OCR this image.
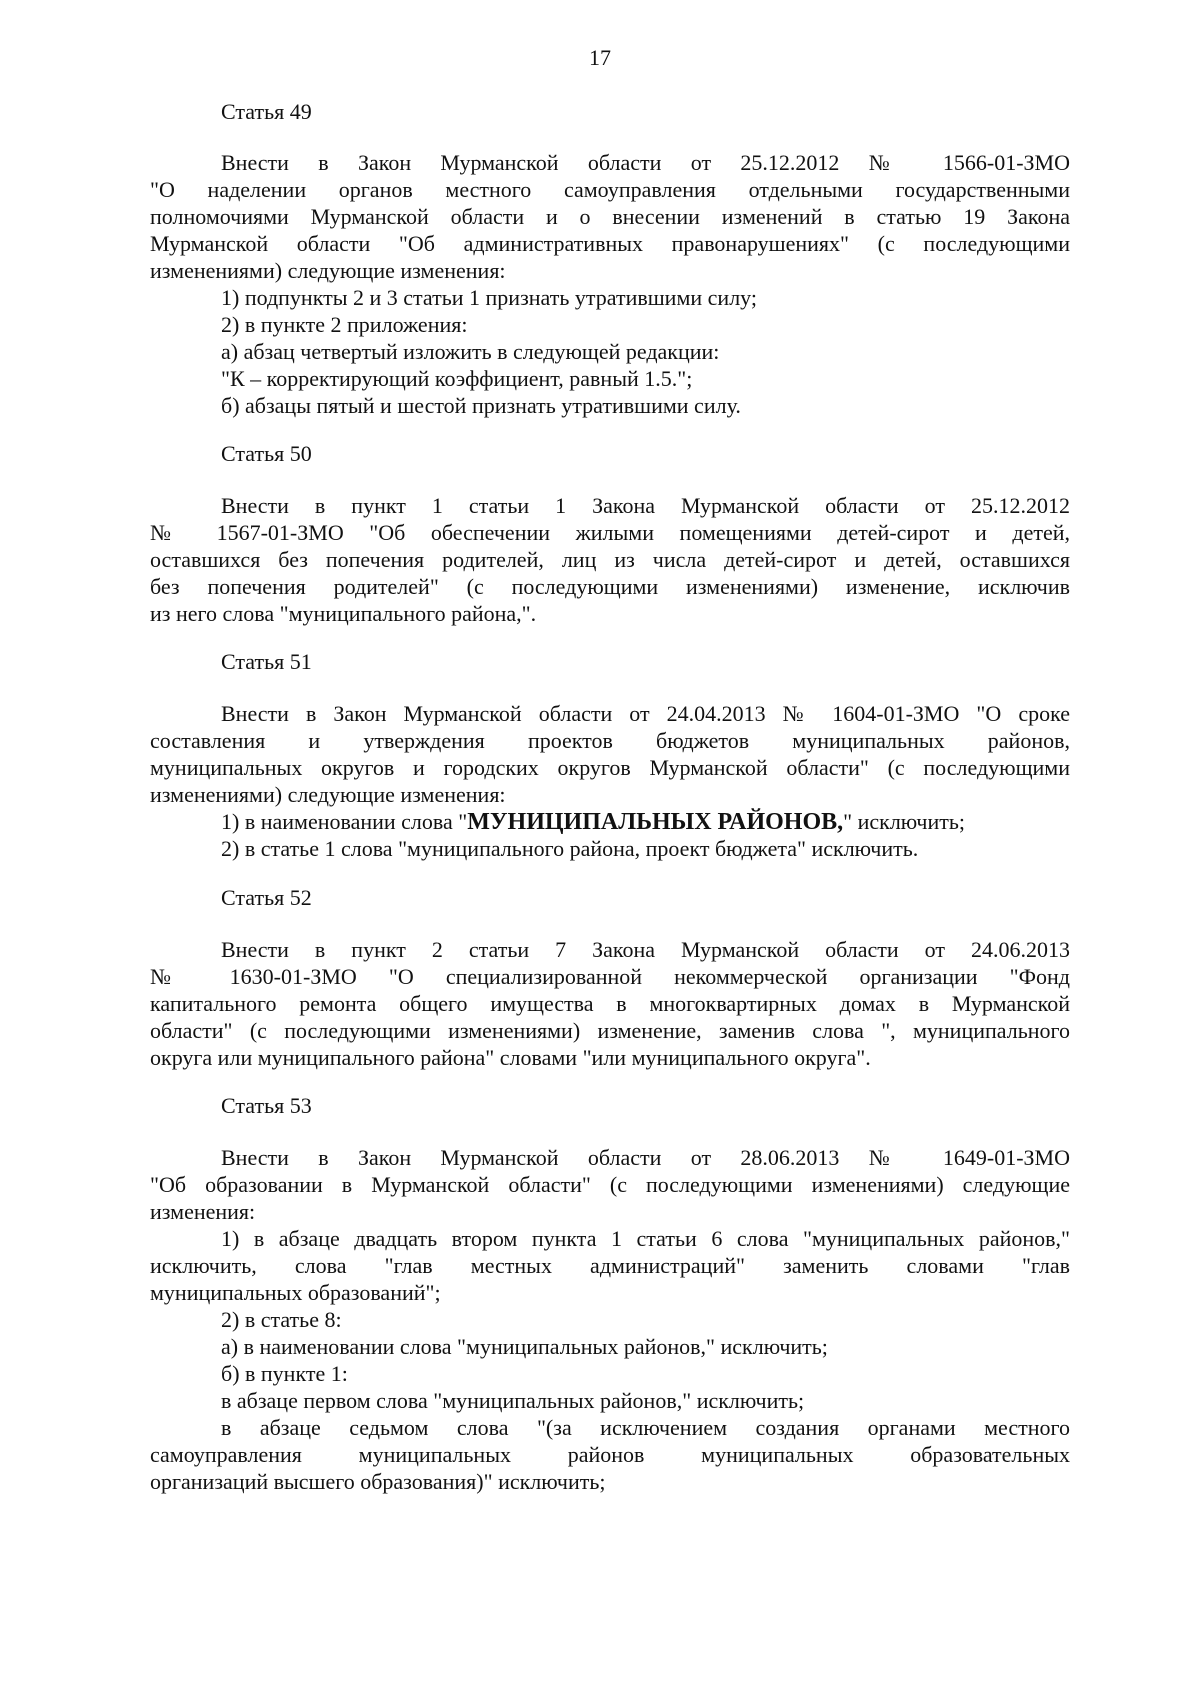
17
Статья 49
Внести в Закон Мурманской области от 25.12.2012 № 1566-01-ЗМО
"О наделении органов местного самоуправления отдельными государственными
полномочиями Мурманской области и о внесении изменений в статью 19 Закона
Мурманской области "Об административных правонарушениях" (с последующими
изменениями) следующие изменения:
1) подпункты 2 и 3 статьи 1 признать утратившими силу;
2) в пункте 2 приложения:
а) абзац четвертый изложить в следующей редакции:
"К – корректирующий коэффициент, равный 1.5.";
б) абзацы пятый и шестой признать утратившими силу.
Статья 50
Внести в пункт 1 статьи 1 Закона Мурманской области от 25.12.2012
№ 1567-01-ЗМО "Об обеспечении жилыми помещениями детей-сирот и детей,
оставшихся без попечения родителей, лиц из числа детей-сирот и детей, оставшихся
без попечения родителей" (с последующими изменениями) изменение, исключив
из него слова "муниципального района,".
Статья 51
Внести в Закон Мурманской области от 24.04.2013 № 1604-01-ЗМО "О сроке
составления и утверждения проектов бюджетов муниципальных районов,
муниципальных округов и городских округов Мурманской области" (с последующими
изменениями) следующие изменения:
1) в наименовании слова "МУНИЦИПАЛЬНЫХ РАЙОНОВ," исключить;
2) в статье 1 слова "муниципального района, проект бюджета" исключить.
Статья 52
Внести в пункт 2 статьи 7 Закона Мурманской области от 24.06.2013
№ 1630-01-ЗМО "О специализированной некоммерческой организации "Фонд
капитального ремонта общего имущества в многоквартирных домах в Мурманской
области" (с последующими изменениями) изменение, заменив слова ", муниципального
округа или муниципального района" словами "или муниципального округа".
Статья 53
Внести в Закон Мурманской области от 28.06.2013 № 1649-01-ЗМО
"Об образовании в Мурманской области" (с последующими изменениями) следующие
изменения:
1) в абзаце двадцать втором пункта 1 статьи 6 слова "муниципальных районов,"
исключить, слова "глав местных администраций" заменить словами "глав
муниципальных образований";
2) в статье 8:
а) в наименовании слова "муниципальных районов," исключить;
б) в пункте 1:
в абзаце первом слова "муниципальных районов," исключить;
в абзаце седьмом слова "(за исключением создания органами местного
самоуправления муниципальных районов муниципальных образовательных
организаций высшего образования)" исключить;
